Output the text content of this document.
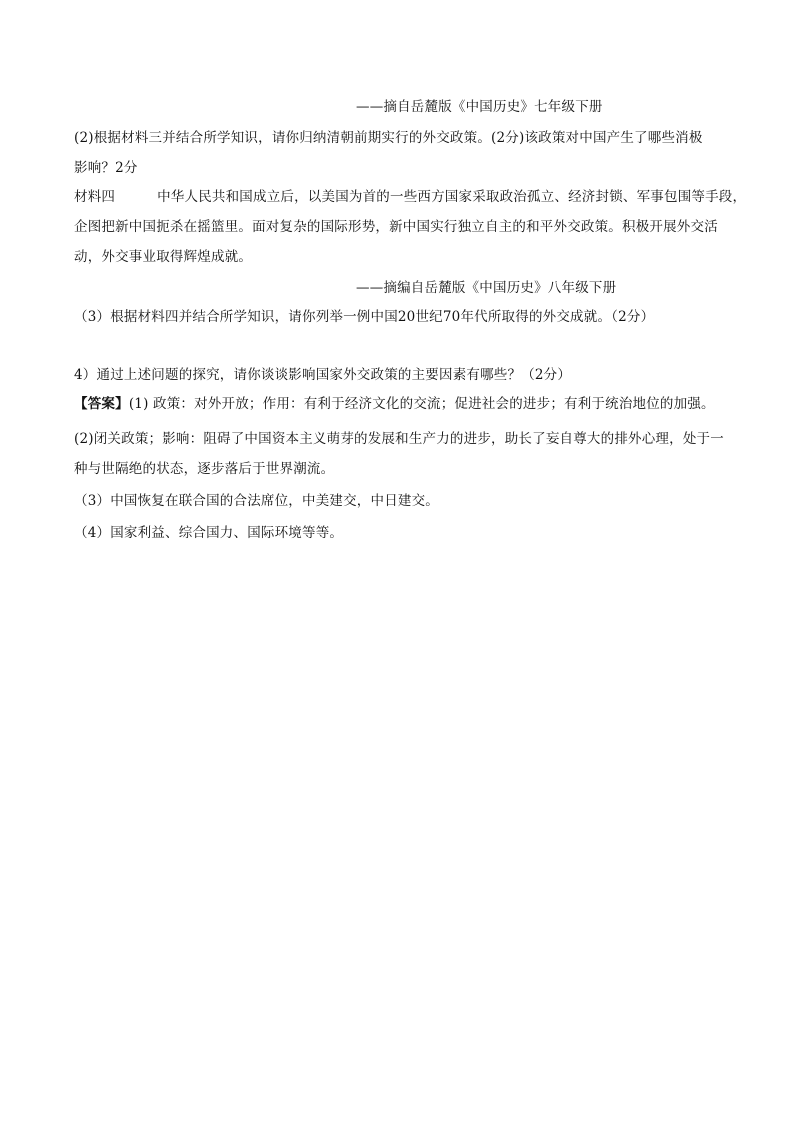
——摘自岳麓版《中国历史》七年级下册
(2)根据材料三并结合所学知识，请你归纳清朝前期实行的外交政策。(2分)该政策对中国产生了哪些消极
影响？2分
材料四	中华人民共和国成立后，以美国为首的一些西方国家采取政治孤立、经济封锁、军事包围等手段，
企图把新中国扼杀在摇篮里。面对复杂的国际形势，新中国实行独立自主的和平外交政策。积极开展外交活
动，外交事业取得辉煌成就。
——摘编自岳麓版《中国历史》八年级下册
（3）根据材料四并结合所学知识，请你列举一例中国20世纪70年代所取得的外交成就。（2分）
4）通过上述问题的探究，请你谈谈影响国家外交政策的主要因素有哪些？（2分）
【答案】(1) 政策：对外开放；作用：有利于经济文化的交流；促进社会的进步；有利于统治地位的加强。
(2)闭关政策；影响：阻碍了中国资本主义萌芽的发展和生产力的进步，助长了妄自尊大的排外心理，处于一
种与世隔绝的状态，逐步落后于世界潮流。
（3）中国恢复在联合国的合法席位，中美建交，中日建交。
（4）国家利益、综合国力、国际环境等等。
